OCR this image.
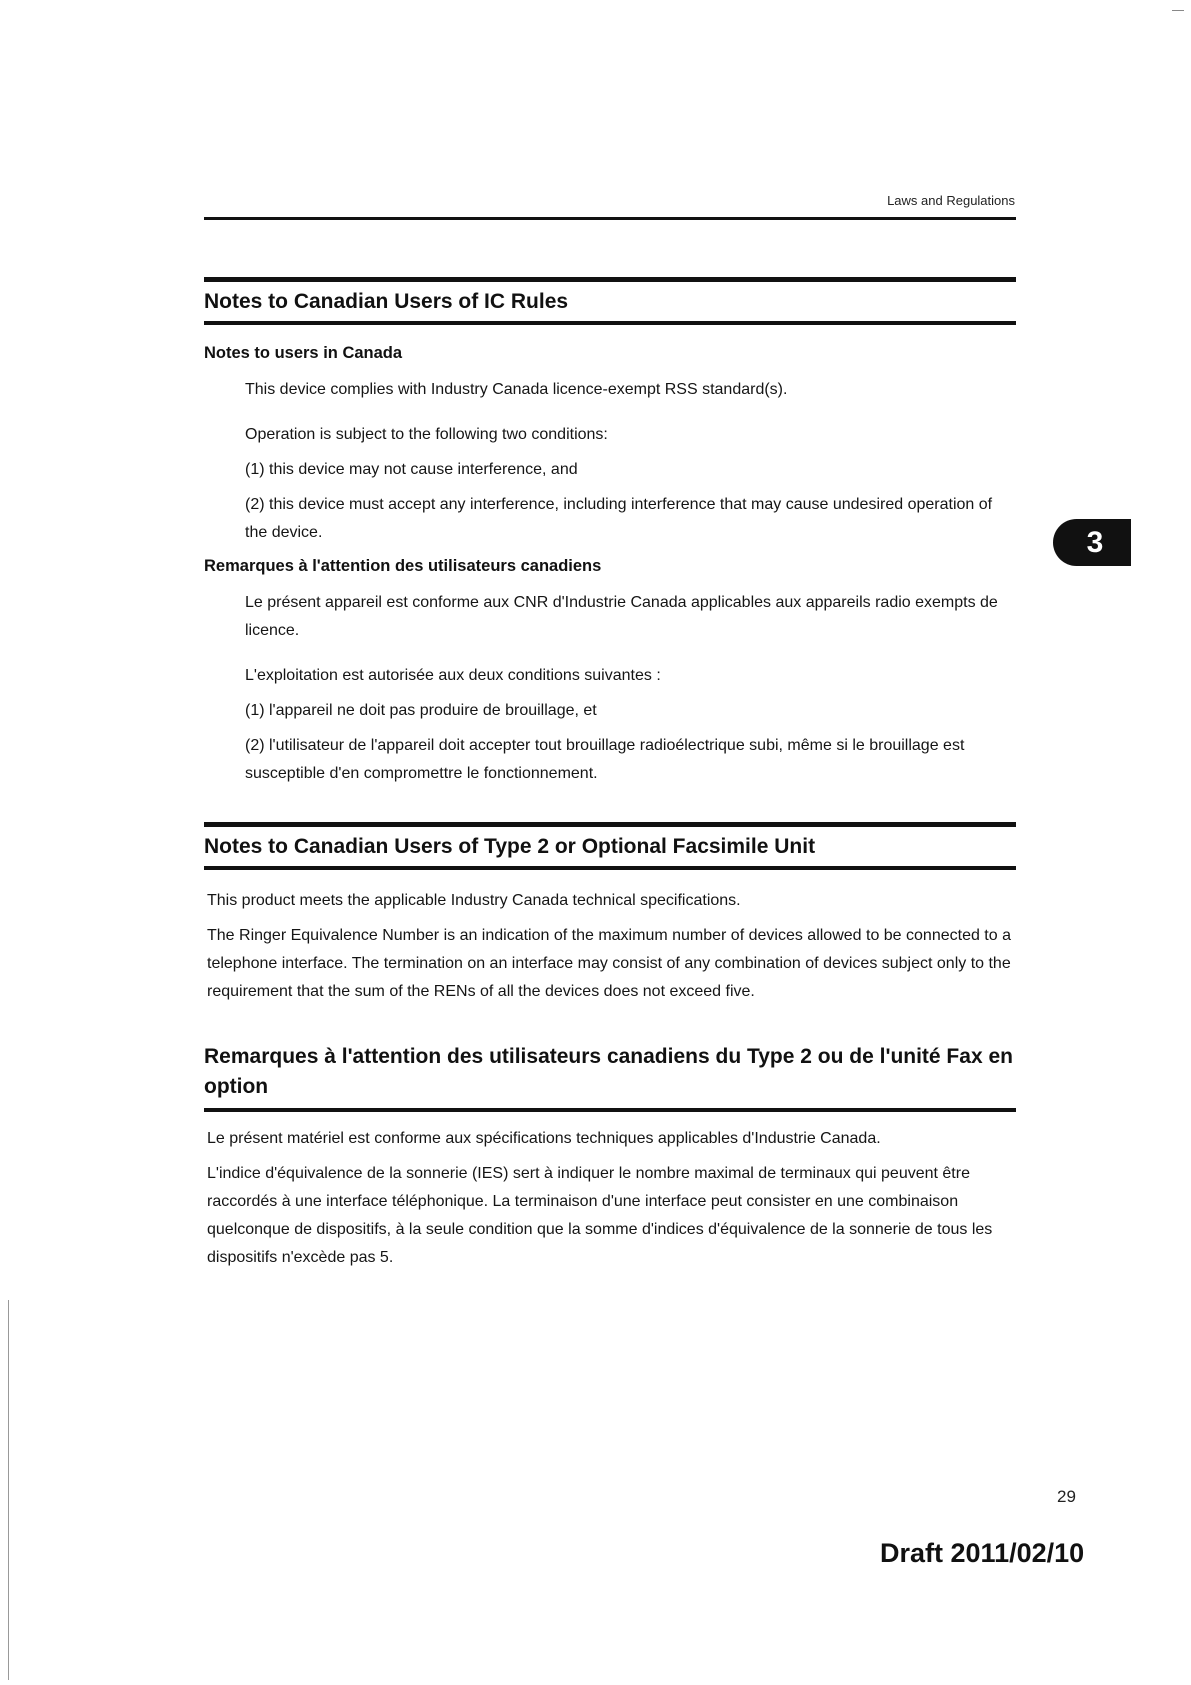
Laws and Regulations
3
Notes to Canadian Users of IC Rules
Notes to users in Canada

This device complies with Industry Canada licence-exempt RSS standard(s).

Operation is subject to the following two conditions:

(1) this device may not cause interference, and

(2) this device must accept any interference, including interference that may cause undesired operation of the device.

Remarques à l'attention des utilisateurs canadiens

Le présent appareil est conforme aux CNR d'Industrie Canada applicables aux appareils radio exempts de licence.

L'exploitation est autorisée aux deux conditions suivantes :

(1) l'appareil ne doit pas produire de brouillage, et

(2) l'utilisateur de l'appareil doit accepter tout brouillage radioélectrique subi, même si le brouillage est susceptible d'en compromettre le fonctionnement.

Notes to Canadian Users of Type 2 or Optional Facsimile Unit

This product meets the applicable Industry Canada technical specifications.

The Ringer Equivalence Number is an indication of the maximum number of devices allowed to be connected to a telephone interface. The termination on an interface may consist of any combination of devices subject only to the requirement that the sum of the RENs of all the devices does not exceed five.

Remarques à l'attention des utilisateurs canadiens du Type 2 ou de l'unité Fax en option

Le présent matériel est conforme aux spécifications techniques applicables d'Industrie Canada.

L'indice d'équivalence de la sonnerie (IES) sert à indiquer le nombre maximal de terminaux qui peuvent être raccordés à une interface téléphonique. La terminaison d'une interface peut consister en une combinaison quelconque de dispositifs, à la seule condition que la somme d'indices d'équivalence de la sonnerie de tous les dispositifs n'excède pas 5.

29
Draft 2011/02/10
